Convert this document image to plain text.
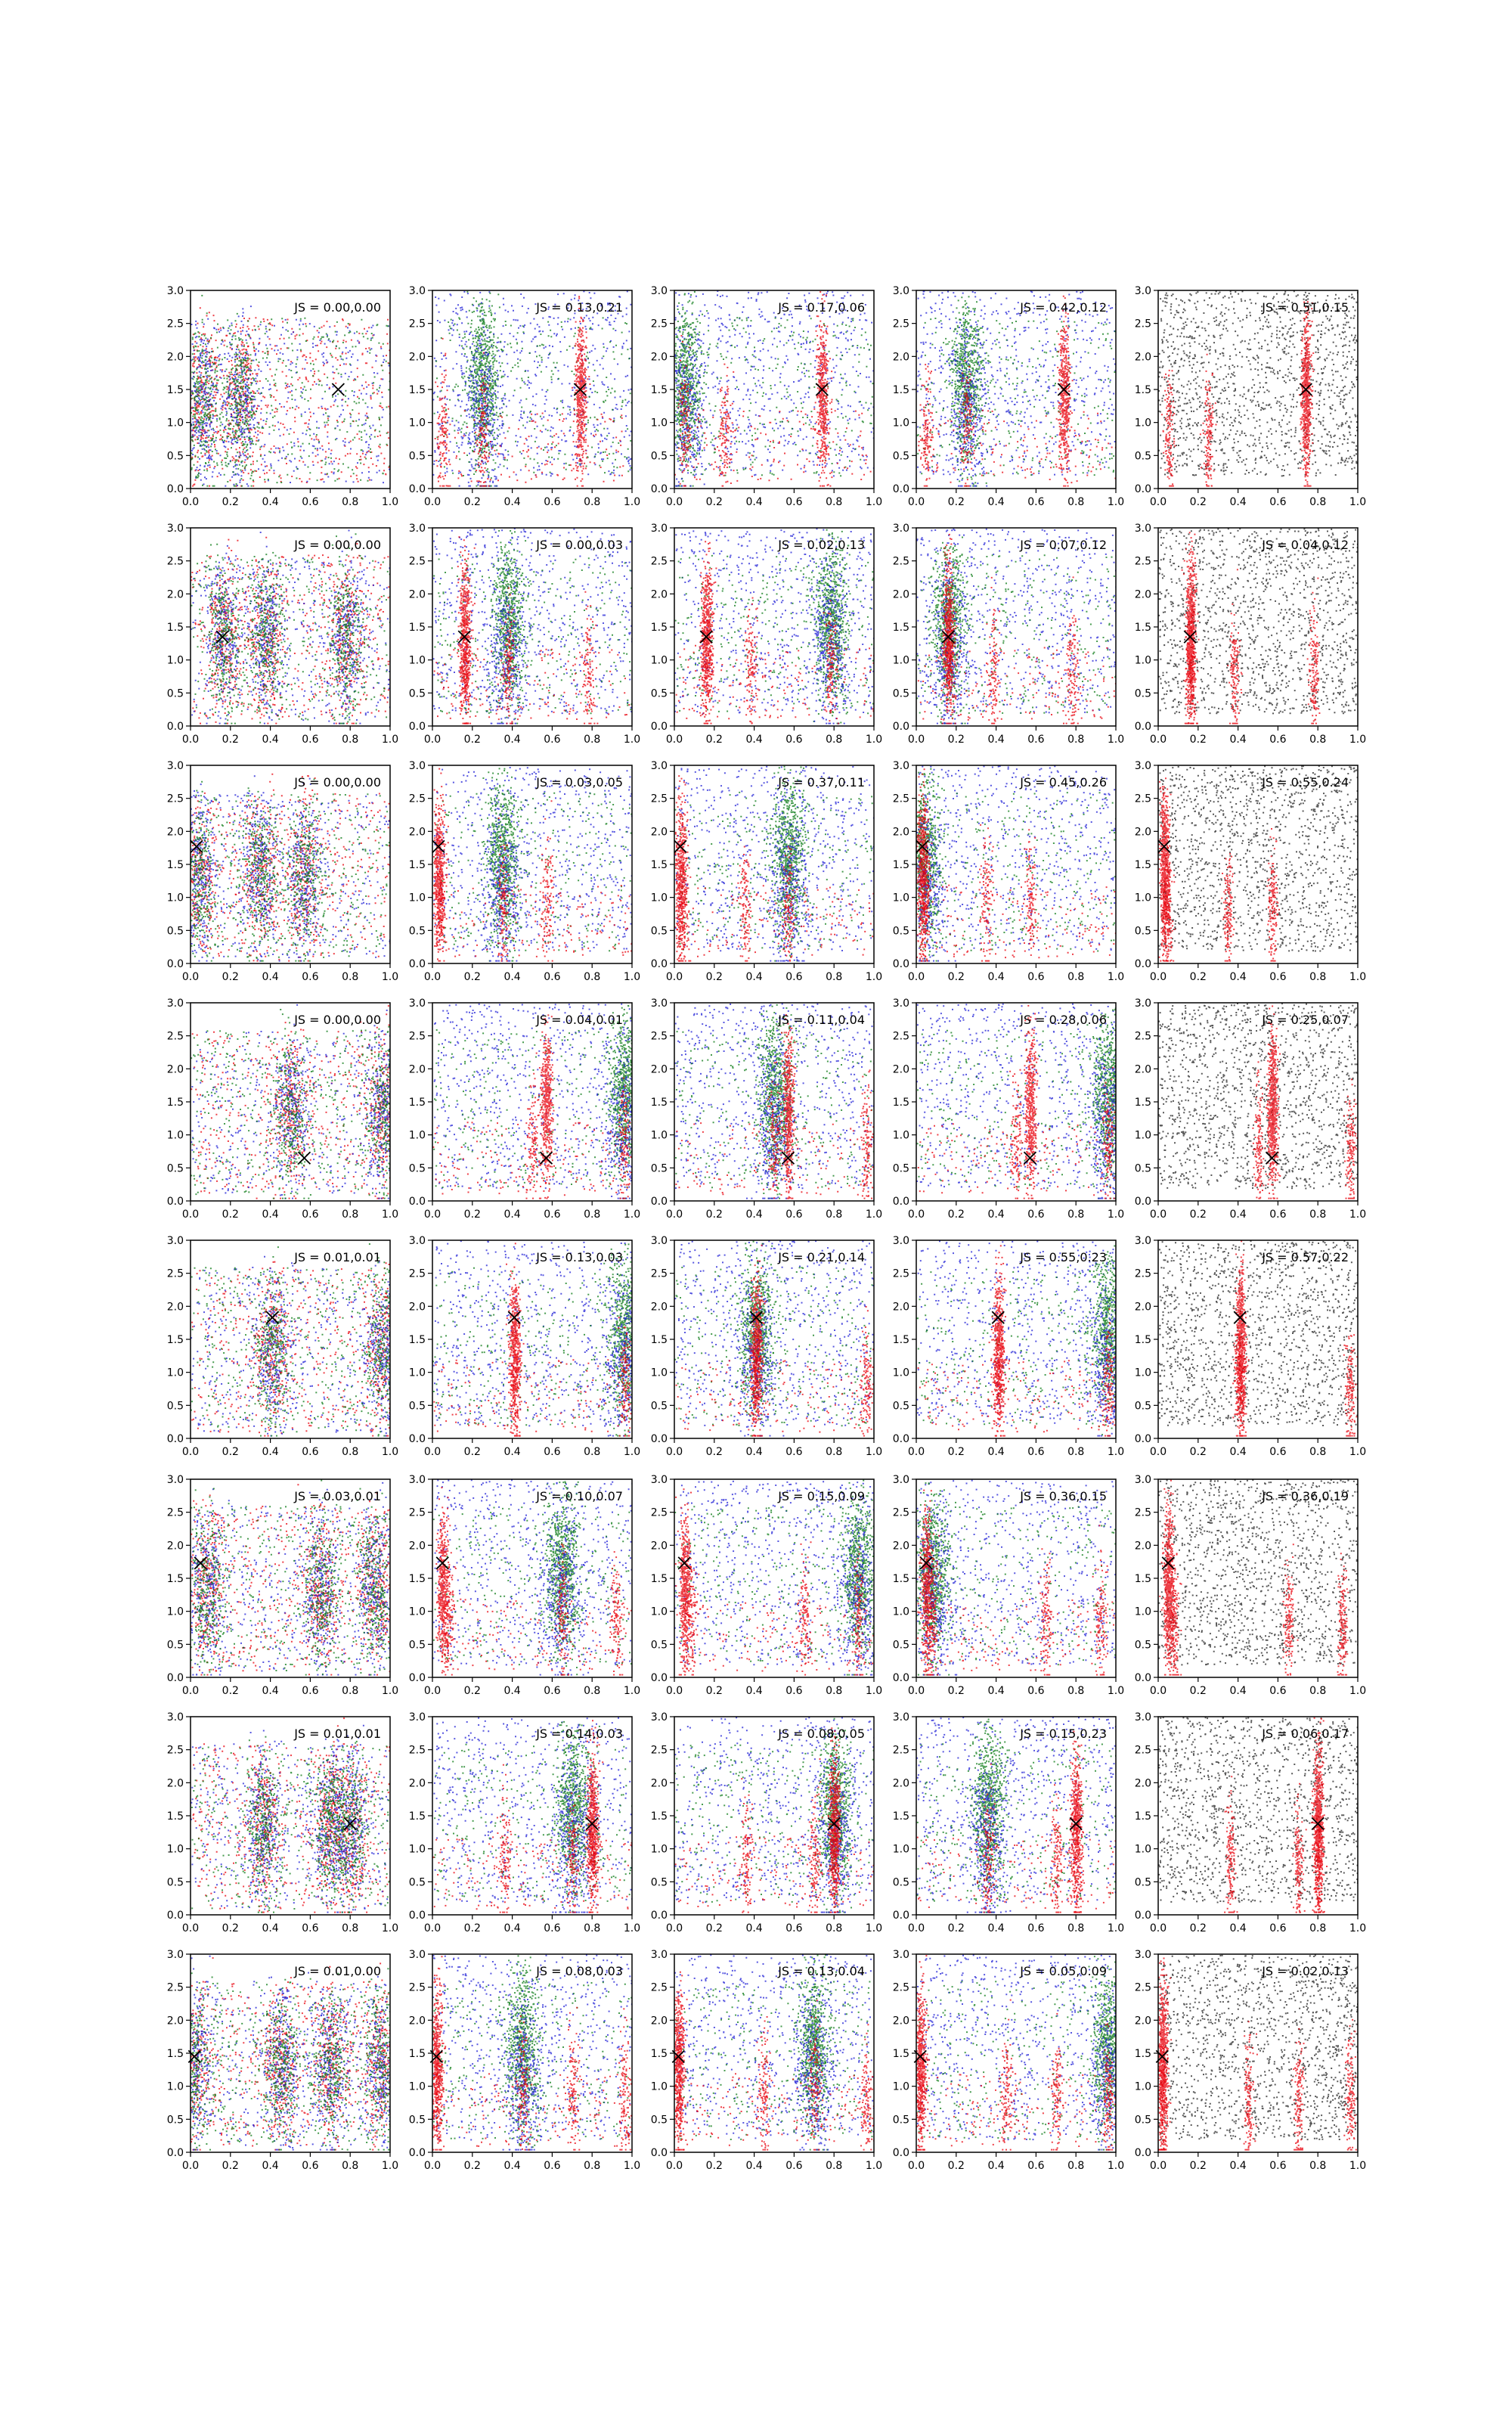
0.0 0.2 0.4 0.6 0.8 1.0
0.0
0.5
1.0
1.5
2.0
2.5
3.0
JS = 0.00,0.00
0.0 0.2 0.4 0.6 0.8 1.0
0.0
0.5
1.0
1.5
2.0
2.5
3.0
JS = 0.13,0.21
0.0 0.2 0.4 0.6 0.8 1.0
0.0
0.5
1.0
1.5
2.0
2.5
3.0
JS = 0.17,0.06
0.0 0.2 0.4 0.6 0.8 1.0
0.0
0.5
1.0
1.5
2.0
2.5
3.0
JS = 0.42,0.12
0.0 0.2 0.4 0.6 0.8 1.0
0.0
0.5
1.0
1.5
2.0
2.5
3.0
JS = 0.51,0.15
0.0 0.2 0.4 0.6 0.8 1.0
0.0
0.5
1.0
1.5
2.0
2.5
3.0
JS = 0.00,0.00
0.0 0.2 0.4 0.6 0.8 1.0
0.0
0.5
1.0
1.5
2.0
2.5
3.0
JS = 0.00,0.03
0.0 0.2 0.4 0.6 0.8 1.0
0.0
0.5
1.0
1.5
2.0
2.5
3.0
JS = 0.02,0.13
0.0 0.2 0.4 0.6 0.8 1.0
0.0
0.5
1.0
1.5
2.0
2.5
3.0
JS = 0.07,0.12
0.0 0.2 0.4 0.6 0.8 1.0
0.0
0.5
1.0
1.5
2.0
2.5
3.0
JS = 0.04,0.12
0.0 0.2 0.4 0.6 0.8 1.0
0.0
0.5
1.0
1.5
2.0
2.5
3.0
JS = 0.00,0.00
0.0 0.2 0.4 0.6 0.8 1.0
0.0
0.5
1.0
1.5
2.0
2.5
3.0
JS = 0.03,0.05
0.0 0.2 0.4 0.6 0.8 1.0
0.0
0.5
1.0
1.5
2.0
2.5
3.0
JS = 0.37,0.11
0.0 0.2 0.4 0.6 0.8 1.0
0.0
0.5
1.0
1.5
2.0
2.5
3.0
JS = 0.45,0.26
0.0 0.2 0.4 0.6 0.8 1.0
0.0
0.5
1.0
1.5
2.0
2.5
3.0
JS = 0.55,0.24
0.0 0.2 0.4 0.6 0.8 1.0
0.0
0.5
1.0
1.5
2.0
2.5
3.0
JS = 0.00,0.00
0.0 0.2 0.4 0.6 0.8 1.0
0.0
0.5
1.0
1.5
2.0
2.5
3.0
JS = 0.04,0.01
0.0 0.2 0.4 0.6 0.8 1.0
0.0
0.5
1.0
1.5
2.0
2.5
3.0
JS = 0.11,0.04
0.0 0.2 0.4 0.6 0.8 1.0
0.0
0.5
1.0
1.5
2.0
2.5
3.0
JS = 0.28,0.06
0.0 0.2 0.4 0.6 0.8 1.0
0.0
0.5
1.0
1.5
2.0
2.5
3.0
JS = 0.25,0.07
0.0 0.2 0.4 0.6 0.8 1.0
0.0
0.5
1.0
1.5
2.0
2.5
3.0
JS = 0.01,0.01
0.0 0.2 0.4 0.6 0.8 1.0
0.0
0.5
1.0
1.5
2.0
2.5
3.0
JS = 0.13,0.03
0.0 0.2 0.4 0.6 0.8 1.0
0.0
0.5
1.0
1.5
2.0
2.5
3.0
JS = 0.21,0.14
0.0 0.2 0.4 0.6 0.8 1.0
0.0
0.5
1.0
1.5
2.0
2.5
3.0
JS = 0.55,0.23
0.0 0.2 0.4 0.6 0.8 1.0
0.0
0.5
1.0
1.5
2.0
2.5
3.0
JS = 0.57,0.22
0.0 0.2 0.4 0.6 0.8 1.0
0.0
0.5
1.0
1.5
2.0
2.5
3.0
JS = 0.03,0.01
0.0 0.2 0.4 0.6 0.8 1.0
0.0
0.5
1.0
1.5
2.0
2.5
3.0
JS = 0.10,0.07
0.0 0.2 0.4 0.6 0.8 1.0
0.0
0.5
1.0
1.5
2.0
2.5
3.0
JS = 0.15,0.09
0.0 0.2 0.4 0.6 0.8 1.0
0.0
0.5
1.0
1.5
2.0
2.5
3.0
JS = 0.36,0.15
0.0 0.2 0.4 0.6 0.8 1.0
0.0
0.5
1.0
1.5
2.0
2.5
3.0
JS = 0.36,0.19
0.0 0.2 0.4 0.6 0.8 1.0
0.0
0.5
1.0
1.5
2.0
2.5
3.0
JS = 0.01,0.01
0.0 0.2 0.4 0.6 0.8 1.0
0.0
0.5
1.0
1.5
2.0
2.5
3.0
JS = 0.14,0.03
0.0 0.2 0.4 0.6 0.8 1.0
0.0
0.5
1.0
1.5
2.0
2.5
3.0
JS = 0.08,0.05
0.0 0.2 0.4 0.6 0.8 1.0
0.0
0.5
1.0
1.5
2.0
2.5
3.0
JS = 0.15,0.23
0.0 0.2 0.4 0.6 0.8 1.0
0.0
0.5
1.0
1.5
2.0
2.5
3.0
JS = 0.06,0.17
0.0 0.2 0.4 0.6 0.8 1.0
0.0
0.5
1.0
1.5
2.0
2.5
3.0
JS = 0.01,0.00
0.0 0.2 0.4 0.6 0.8 1.0
0.0
0.5
1.0
1.5
2.0
2.5
3.0
JS = 0.08,0.03
0.0 0.2 0.4 0.6 0.8 1.0
0.0
0.5
1.0
1.5
2.0
2.5
3.0
JS = 0.13,0.04
0.0 0.2 0.4 0.6 0.8 1.0
0.0
0.5
1.0
1.5
2.0
2.5
3.0
JS = 0.05,0.09
0.0 0.2 0.4 0.6 0.8 1.0
0.0
0.5
1.0
1.5
2.0
2.5
3.0
JS = 0.02,0.13
